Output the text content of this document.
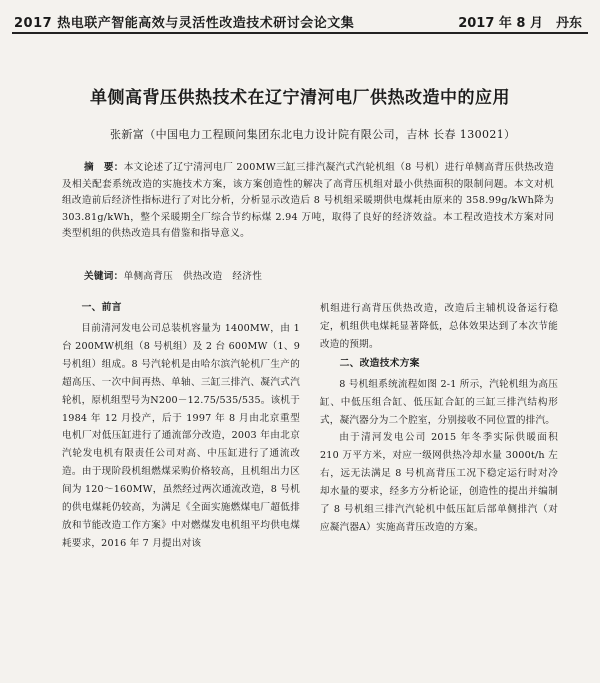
2017 热电联产智能高效与灵活性改造技术研讨会论文集	2017 年 8 月　丹东
单侧高背压供热技术在辽宁清河电厂供热改造中的应用
张新富（中国电力工程顾问集团东北电力设计院有限公司，吉林 长春 130021）
摘　要：本文论述了辽宁清河电厂 200MW三缸三排汽凝汽式汽轮机组（8 号机）进行单侧高背压供热改造及相关配套系统改造的实施技术方案，该方案创造性的解决了高背压机组对最小供热面积的限制问题。本文对机组改造前后经济性指标进行了对比分析，分析显示改造后 8 号机组采暖期供电煤耗由原来的 358.99g/kWh降为 303.81g/kWh，整个采暖期全厂综合节约标煤 2.94 万吨，取得了良好的经济效益。本工程改造技术方案对同类型机组的供热改造具有借鉴和指导意义。
关键词：单侧高背压　供热改造　经济性
一、前言

目前清河发电公司总装机容量为 1400MW，由 1 台 200MW机组（8 号机组）及 2 台 600MW（1、9 号机组）组成。8 号汽轮机是由哈尔滨汽轮机厂生产的超高压、一次中间再热、单轴、三缸三排汽、凝汽式汽轮机，原机组型号为N200－12.75/535/535。该机于 1984 年 12 月投产，后于 1997 年 8 月由北京重型电机厂对低压缸进行了通流部分改造，2003 年由北京汽轮发电机有限责任公司对高、中压缸进行了通流改造。由于现阶段机组燃煤采购价格较高，且机组出力区间为 120～160MW，虽然经过两次通流改造，8 号机的供电煤耗仍较高，为满足《全面实施燃煤电厂超低排放和节能改造工作方案》中对燃煤发电机组平均供电煤耗要求，2016 年 7 月提出对该

机组进行高背压供热改造，改造后主辅机设备运行稳定，机组供电煤耗显著降低，总体效果达到了本次节能改造的预期。

二、改造技术方案

8 号机组系统流程如图 2-1 所示，汽轮机组为高压缸、中低压组合缸、低压缸合缸的三缸三排汽结构形式，凝汽器分为二个腔室，分别接收不同位置的排汽。

由于清河发电公司 2015 年冬季实际供暖面积 210 万平方米，对应一级网供热冷却水量 3000t/h 左右，远无法满足 8 号机高背压工况下稳定运行时对冷却水量的要求，经多方分析论证，创造性的提出并编制了 8 号机组三排汽汽轮机中低压缸后部单侧排汽（对应凝汽器A）实施高背压改造的方案。
